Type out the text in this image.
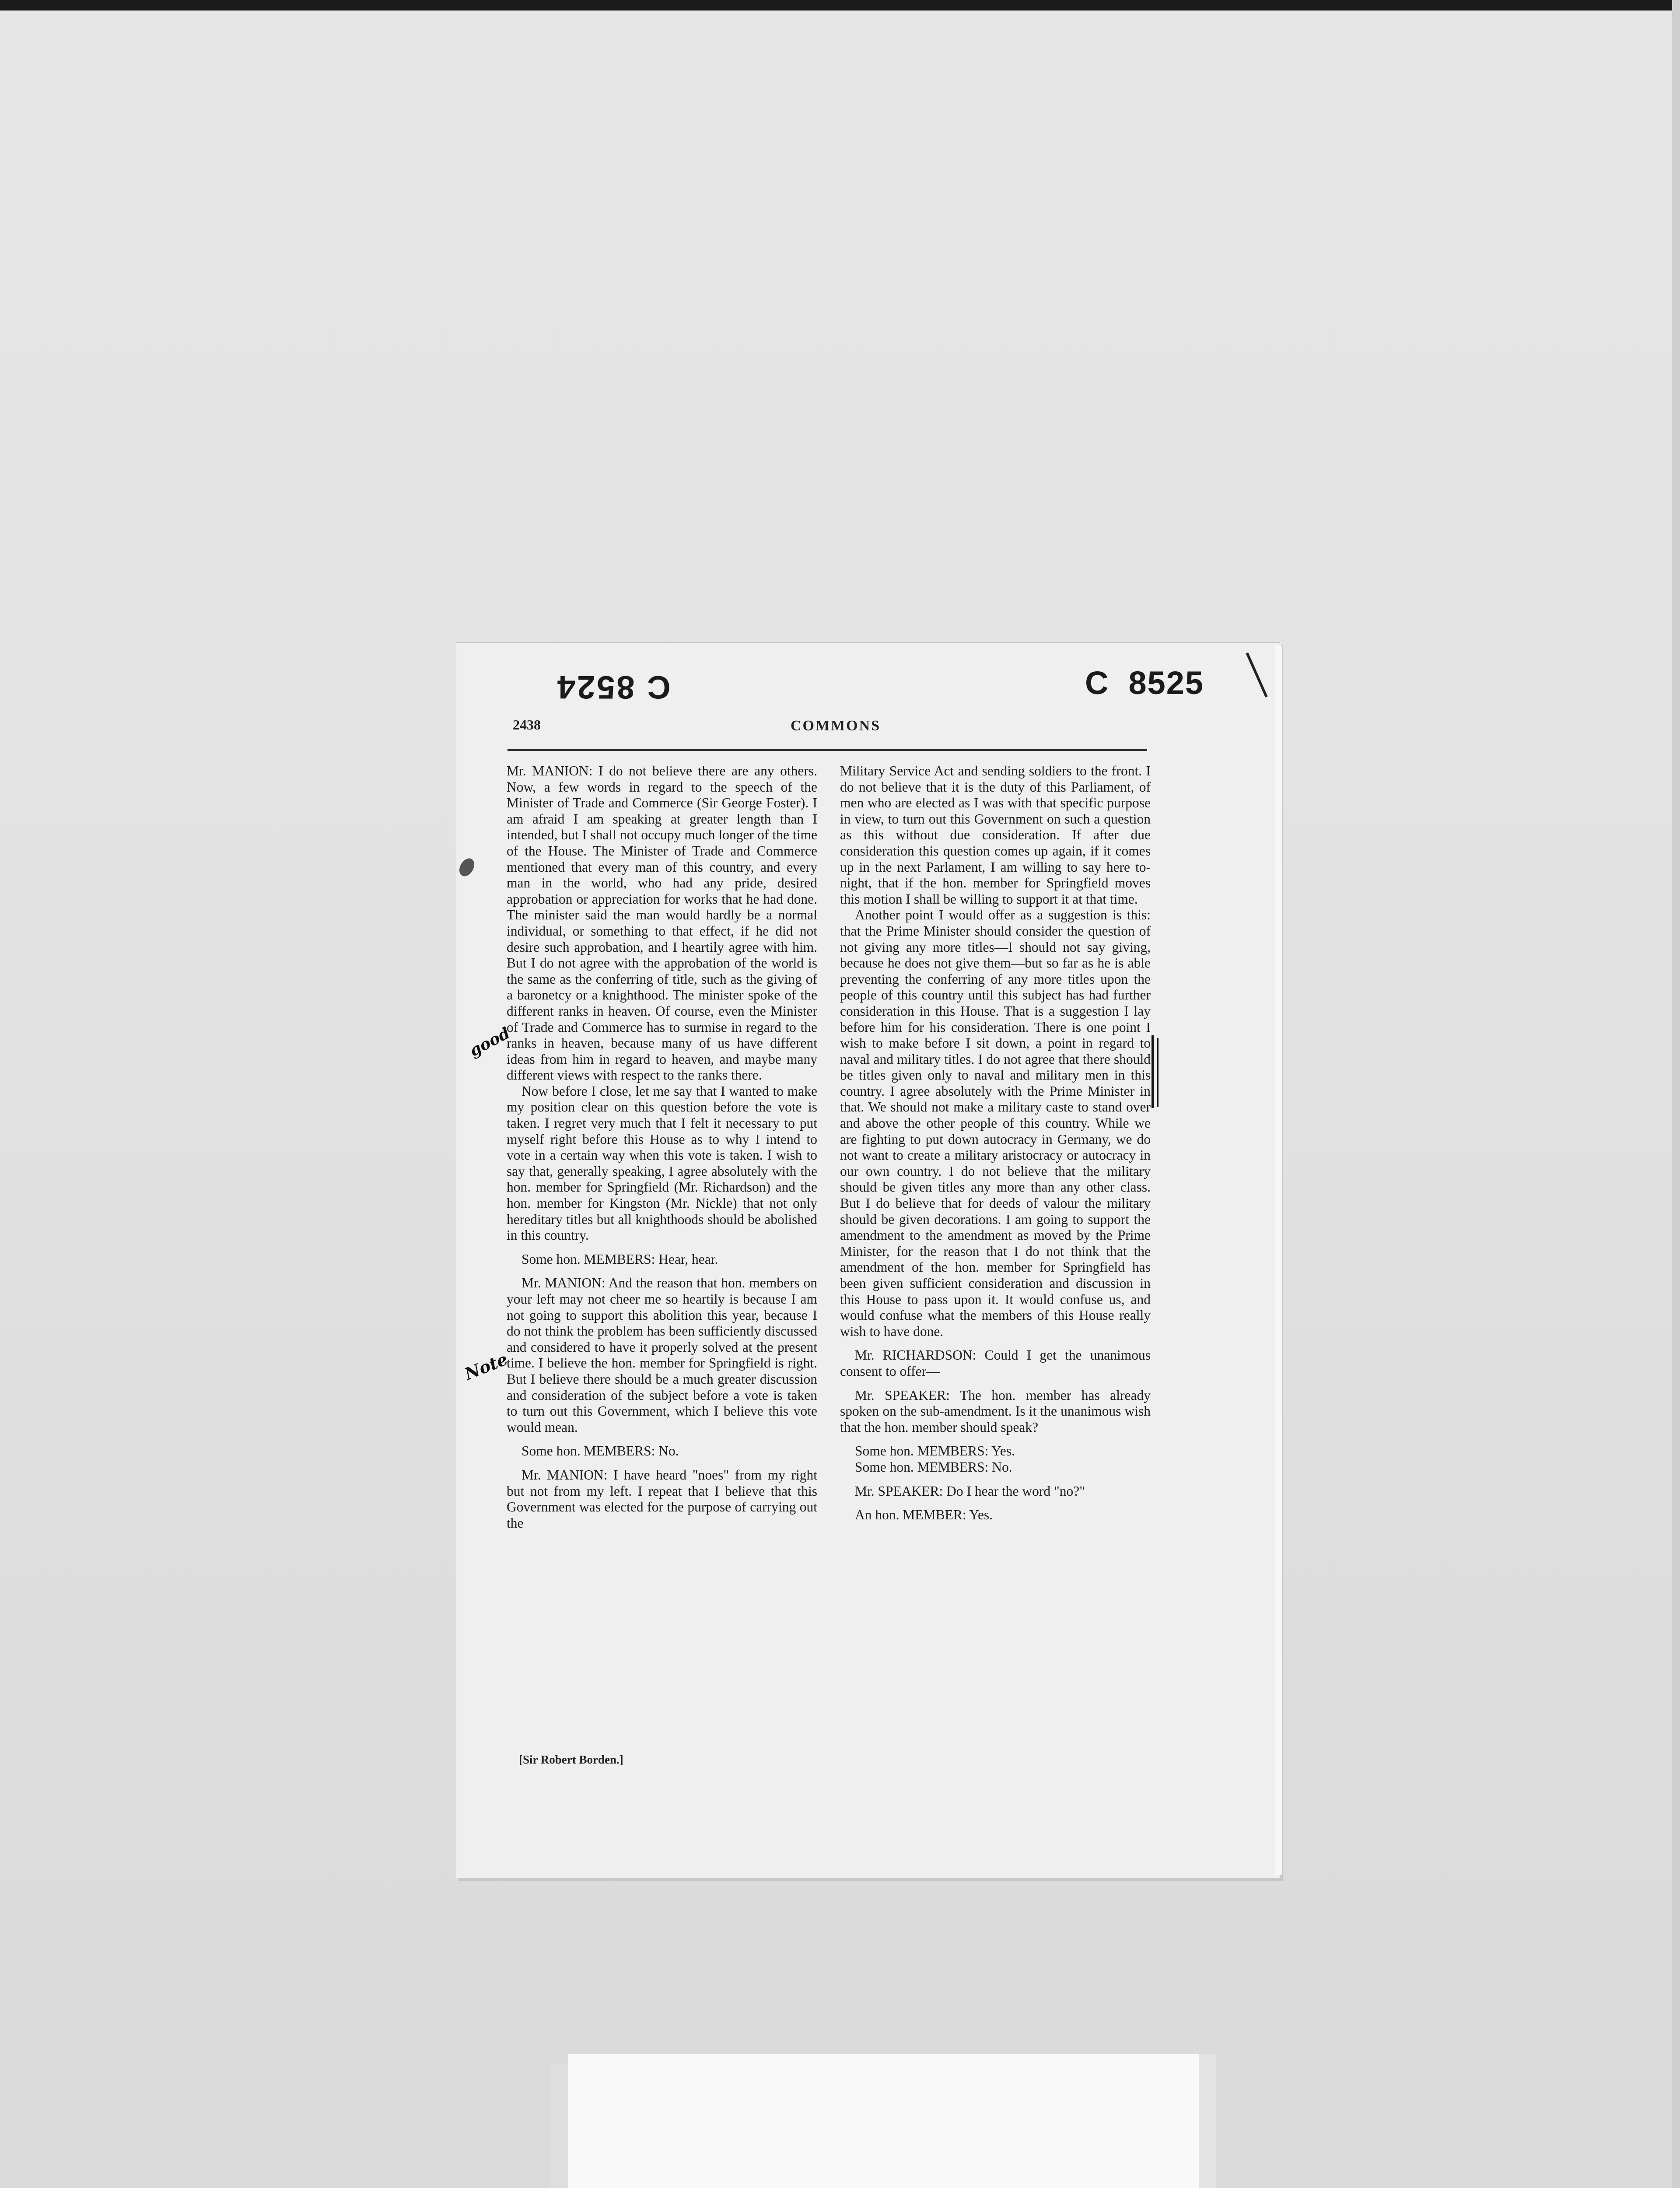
C 8524	C 8525
2438	COMMONS

Mr. MANION: I do not believe there are any others. Now, a few words in regard to the speech of the Minister of Trade and Commerce (Sir George Foster). I am afraid I am speaking at greater length than I intended, but I shall not occupy much longer of the time of the House. The Minister of Trade and Commerce mentioned that every man of this country, and every man in the world, who had any pride, desired approbation or appreciation for works that he had done. The minister said the man would hardly be a normal individual, or something to that effect, if he did not desire such approbation, and I heartily agree with him. But I do not agree with the approbation of the world is the same as the conferring of title, such as the giving of a baronetcy or a knighthood. The minister spoke of the different ranks in heaven. Of course, even the Minister of Trade and Commerce has to surmise in regard to the ranks in heaven, because many of us have different ideas from him in regard to heaven, and maybe many different views with respect to the ranks there.

Now before I close, let me say that I wanted to make my position clear on this question before the vote is taken. I regret very much that I felt it necessary to put myself right before this House as to why I intend to vote in a certain way when this vote is taken. I wish to say that, generally speaking, I agree absolutely with the hon. member for Springfield (Mr. Richardson) and the hon. member for Kingston (Mr. Nickle) that not only hereditary titles but all knighthoods should be abolished in this country.

Some hon. MEMBERS: Hear, hear.

Mr. MANION: And the reason that hon. members on your left may not cheer me so heartily is because I am not going to support this abolition this year, because I do not think the problem has been sufficiently discussed and considered to have it properly solved at the present time. I believe the hon. member for Springfield is right. But I believe there should be a much greater discussion and consideration of the subject before a vote is taken to turn out this Government, which I believe this vote would mean.

Some hon. MEMBERS: No.

Mr. MANION: I have heard "noes" from my right but not from my left. I repeat that I believe that this Government was elected for the purpose of carrying out the

Military Service Act and sending soldiers to the front. I do not believe that it is the duty of this Parliament, of men who are elected as I was with that specific purpose in view, to turn out this Government on such a question as this without due consideration. If after due consideration this question comes up again, if it comes up in the next Parlament, I am willing to say here to-night, that if the hon. member for Springfield moves this motion I shall be willing to support it at that time.

Another point I would offer as a suggestion is this: that the Prime Minister should consider the question of not giving any more titles—I should not say giving, because he does not give them—but so far as he is able preventing the conferring of any more titles upon the people of this country until this subject has had further consideration in this House. That is a suggestion I lay before him for his consideration. There is one point I wish to make before I sit down, a point in regard to naval and military titles. I do not agree that there should be titles given only to naval and military men in this country. I agree absolutely with the Prime Minister in that. We should not make a military caste to stand over and above the other people of this country. While we are fighting to put down autocracy in Germany, we do not want to create a military aristocracy or autocracy in our own country. I do not believe that the military should be given titles any more than any other class. But I do believe that for deeds of valour the military should be given decorations. I am going to support the amendment to the amendment as moved by the Prime Minister, for the reason that I do not think that the amendment of the hon. member for Springfield has been given sufficient consideration and discussion in this House to pass upon it. It would confuse us, and would confuse what the members of this House really wish to have done.

Mr. RICHARDSON: Could I get the unanimous consent to offer—

Mr. SPEAKER: The hon. member has already spoken on the sub-amendment. Is it the unanimous wish that the hon. member should speak?

Some hon. MEMBERS: Yes.

Some hon. MEMBERS: No.

Mr. SPEAKER: Do I hear the word "no?"

An hon. MEMBER: Yes.

[Sir Robert Borden.]
good
Note
